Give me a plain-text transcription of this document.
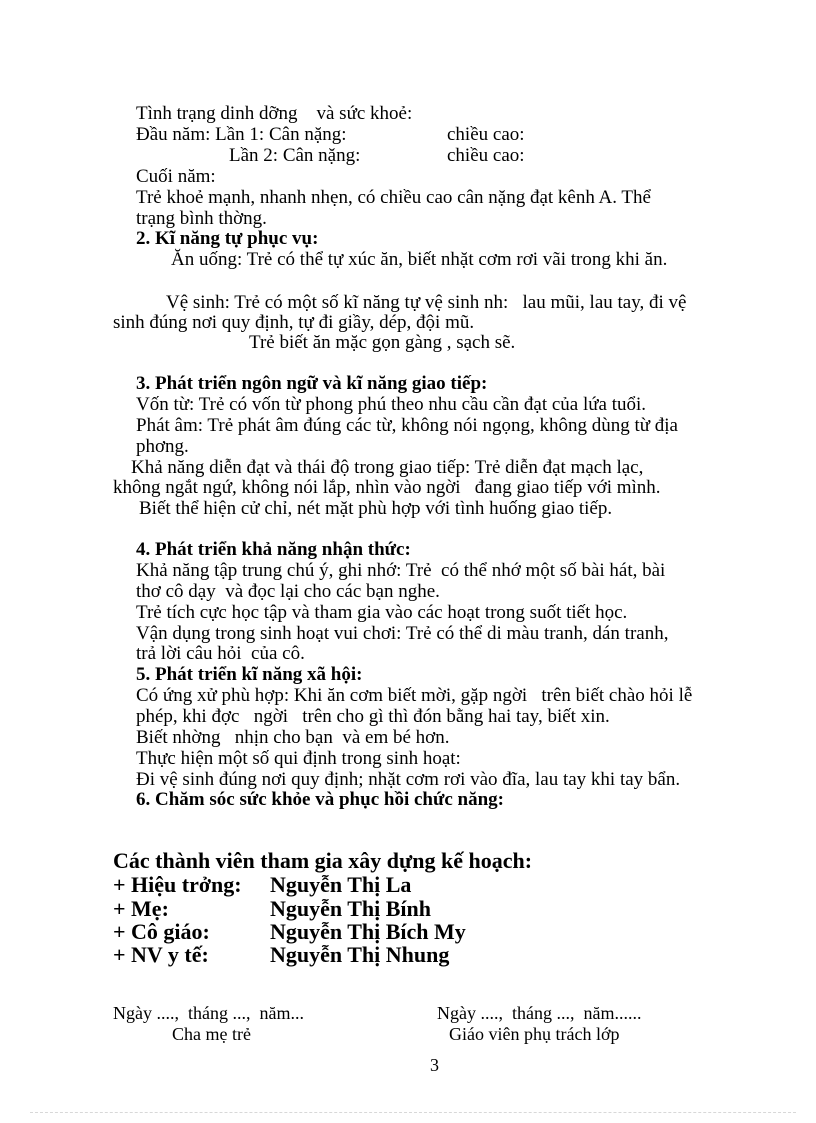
Tình trạng dinh dỡng    và sức khoẻ:
Đầu năm: Lần 1: Cân nặng:	chiều cao:
Lần 2: Cân nặng:	chiều cao:
Cuối năm:
Trẻ khoẻ mạnh, nhanh nhẹn, có chiều cao cân nặng đạt kênh A. Thể
trạng bình thờng.
2. Kĩ năng tự phục vụ:
Ăn uống: Trẻ có thể tự xúc ăn, biết nhặt cơm rơi vãi trong khi ăn.
Vệ sinh: Trẻ có một số kĩ năng tự vệ sinh nh:   lau mũi, lau tay, đi vệ
sinh đúng nơi quy định, tự đi giầy, dép, đội mũ.
Trẻ biết ăn mặc gọn gàng , sạch sẽ.
3. Phát triển ngôn ngữ và kĩ năng giao tiếp:
Vốn từ: Trẻ có vốn từ phong phú theo nhu cầu cần đạt của lứa tuổi.
Phát âm: Trẻ phát âm đúng các từ, không nói ngọng, không dùng từ địa
phơng.
Khả năng diễn đạt và thái độ trong giao tiếp: Trẻ diễn đạt mạch lạc,
không ngắt ngứ, không nói lắp, nhìn vào ngời   đang giao tiếp với mình.
Biết thể hiện cử chỉ, nét mặt phù hợp với tình huống giao tiếp.
4. Phát triển khả năng nhận thức:
Khả năng tập trung chú ý, ghi nhớ: Trẻ  có thể nhớ một số bài hát, bài
thơ cô dạy  và đọc lại cho các bạn nghe.
Trẻ tích cực học tập và tham gia vào các hoạt trong suốt tiết học.
Vận dụng trong sinh hoạt vui chơi: Trẻ có thể di màu tranh, dán tranh,
trả lời câu hỏi  của cô.
5. Phát triển kĩ năng xã hội:
Có ứng xử phù hợp: Khi ăn cơm biết mời, gặp ngời   trên biết chào hỏi lễ
phép, khi đợc   ngời   trên cho gì thì đón bằng hai tay, biết xin.
Biết nhờng   nhịn cho bạn  và em bé hơn.
Thực hiện một số qui định trong sinh hoạt:
Đi vệ sinh đúng nơi quy định; nhặt cơm rơi vào đĩa, lau tay khi tay bẩn.
6. Chăm sóc sức khỏe và phục hồi chức năng:
Các thành viên tham gia xây dựng kế hoạch:
+ Hiệu trởng: Nguyễn Thị La
+ Mẹ:	Nguyễn Thị Bính
+ Cô giáo:	Nguyễn Thị Bích My
+ NV y tế:	Nguyễn Thị Nhung
Ngày ....,  tháng ...,  năm...
Cha mẹ trẻ
Ngày ....,  tháng ...,  năm......
Giáo viên phụ trách lớp
3
